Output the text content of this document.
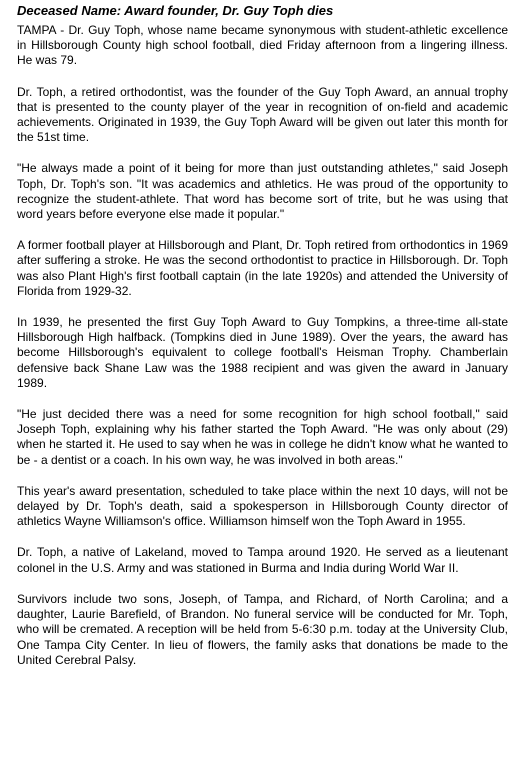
Deceased Name: Award founder, Dr. Guy Toph dies

TAMPA - Dr. Guy Toph, whose name became synonymous with student-athletic excellence in Hillsborough County high school football, died Friday afternoon from a lingering illness. He was 79.

Dr. Toph, a retired orthodontist, was the founder of the Guy Toph Award, an annual trophy that is presented to the county player of the year in recognition of on-field and academic achievements. Originated in 1939, the Guy Toph Award will be given out later this month for the 51st time.

"He always made a point of it being for more than just outstanding athletes," said Joseph Toph, Dr. Toph's son. "It was academics and athletics. He was proud of the opportunity to recognize the student-athlete. That word has become sort of trite, but he was using that word years before everyone else made it popular."

A former football player at Hillsborough and Plant, Dr. Toph retired from orthodontics in 1969 after suffering a stroke. He was the second orthodontist to practice in Hillsborough. Dr. Toph was also Plant High's first football captain (in the late 1920s) and attended the University of Florida from 1929-32.

In 1939, he presented the first Guy Toph Award to Guy Tompkins, a three-time all-state Hillsborough High halfback. (Tompkins died in June 1989). Over the years, the award has become Hillsborough's equivalent to college football's Heisman Trophy. Chamberlain defensive back Shane Law was the 1988 recipient and was given the award in January 1989.

"He just decided there was a need for some recognition for high school football," said Joseph Toph, explaining why his father started the Toph Award. "He was only about (29) when he started it. He used to say when he was in college he didn't know what he wanted to be - a dentist or a coach. In his own way, he was involved in both areas."

This year's award presentation, scheduled to take place within the next 10 days, will not be delayed by Dr. Toph's death, said a spokesperson in Hillsborough County director of athletics Wayne Williamson's office. Williamson himself won the Toph Award in 1955.

Dr. Toph, a native of Lakeland, moved to Tampa around 1920. He served as a lieutenant colonel in the U.S. Army and was stationed in Burma and India during World War II.

Survivors include two sons, Joseph, of Tampa, and Richard, of North Carolina; and a daughter, Laurie Barefield, of Brandon. No funeral service will be conducted for Mr. Toph, who will be cremated. A reception will be held from 5-6:30 p.m. today at the University Club, One Tampa City Center. In lieu of flowers, the family asks that donations be made to the United Cerebral Palsy.
